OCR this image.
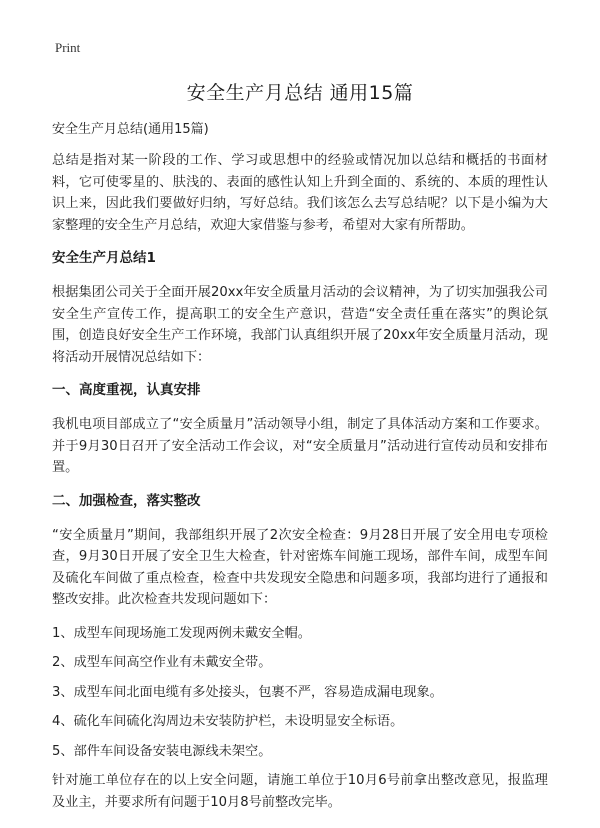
Print
安全生产月总结 通用15篇
安全生产月总结(通用15篇)

总结是指对某一阶段的工作、学习或思想中的经验或情况加以总结和概括的书面材料，它可使零星的、肤浅的、表面的感性认知上升到全面的、系统的、本质的理性认识上来，因此我们要做好归纳，写好总结。我们该怎么去写总结呢？以下是小编为大家整理的安全生产月总结，欢迎大家借鉴与参考，希望对大家有所帮助。

安全生产月总结1

根据集团公司关于全面开展20xx年安全质量月活动的会议精神，为了切实加强我公司安全生产宣传工作，提高职工的安全生产意识，营造“安全责任重在落实”的舆论氛围，创造良好安全生产工作环境，我部门认真组织开展了20xx年安全质量月活动，现将活动开展情况总结如下：

一、高度重视，认真安排

我机电项目部成立了“安全质量月”活动领导小组，制定了具体活动方案和工作要求。并于9月30日召开了安全活动工作会议，对“安全质量月”活动进行宣传动员和安排布置。

二、加强检查，落实整改

“安全质量月”期间，我部组织开展了2次安全检查：9月28日开展了安全用电专项检查，9月30日开展了安全卫生大检查，针对密炼车间施工现场，部件车间，成型车间及硫化车间做了重点检查，检查中共发现安全隐患和问题多项，我部均进行了通报和整改安排。此次检查共发现问题如下：

1、成型车间现场施工发现两例未戴安全帽。

2、成型车间高空作业有未戴安全带。

3、成型车间北面电缆有多处接头，包裹不严，容易造成漏电现象。

4、硫化车间硫化沟周边未安装防护栏，未设明显安全标语。

5、部件车间设备安装电源线未架空。

针对施工单位存在的以上安全问题，请施工单位于10月6号前拿出整改意见，报监理及业主，并要求所有问题于10月8号前整改完毕。
